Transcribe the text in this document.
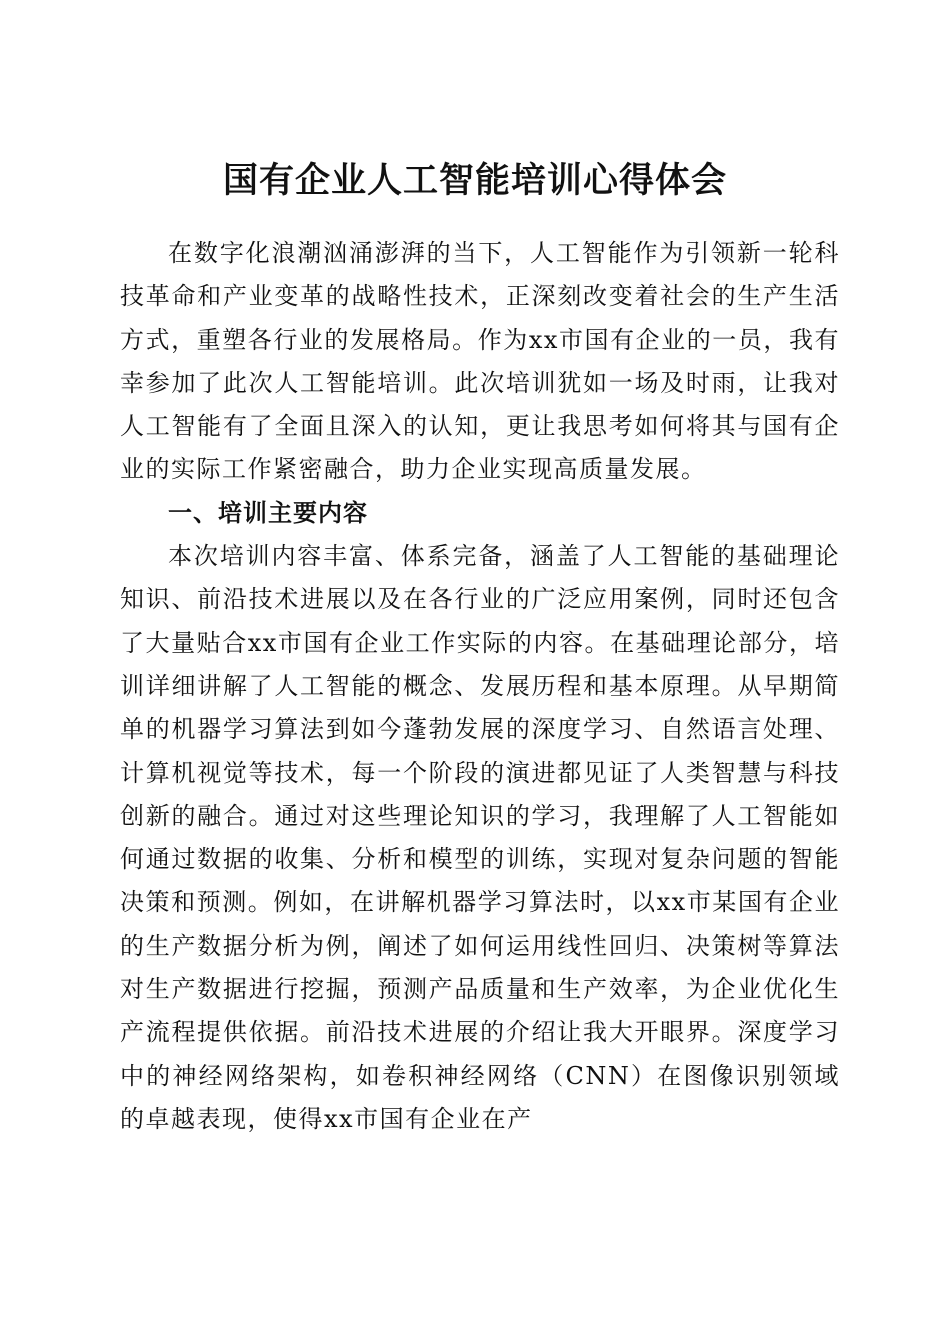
国有企业人工智能培训心得体会

在数字化浪潮汹涌澎湃的当下，人工智能作为引领新一轮科技革命和产业变革的战略性技术，正深刻改变着社会的生产生活方式，重塑各行业的发展格局。作为xx市国有企业的一员，我有幸参加了此次人工智能培训。此次培训犹如一场及时雨，让我对人工智能有了全面且深入的认知，更让我思考如何将其与国有企业的实际工作紧密融合，助力企业实现高质量发展。

一、培训主要内容

本次培训内容丰富、体系完备，涵盖了人工智能的基础理论知识、前沿技术进展以及在各行业的广泛应用案例，同时还包含了大量贴合xx市国有企业工作实际的内容。在基础理论部分，培训详细讲解了人工智能的概念、发展历程和基本原理。从早期简单的机器学习算法到如今蓬勃发展的深度学习、自然语言处理、计算机视觉等技术，每一个阶段的演进都见证了人类智慧与科技创新的融合。通过对这些理论知识的学习，我理解了人工智能如何通过数据的收集、分析和模型的训练，实现对复杂问题的智能决策和预测。例如，在讲解机器学习算法时，以xx市某国有企业的生产数据分析为例，阐述了如何运用线性回归、决策树等算法对生产数据进行挖掘，预测产品质量和生产效率，为企业优化生产流程提供依据。前沿技术进展的介绍让我大开眼界。深度学习中的神经网络架构，如卷积神经网络（CNN）在图像识别领域的卓越表现，使得xx市国有企业在产
